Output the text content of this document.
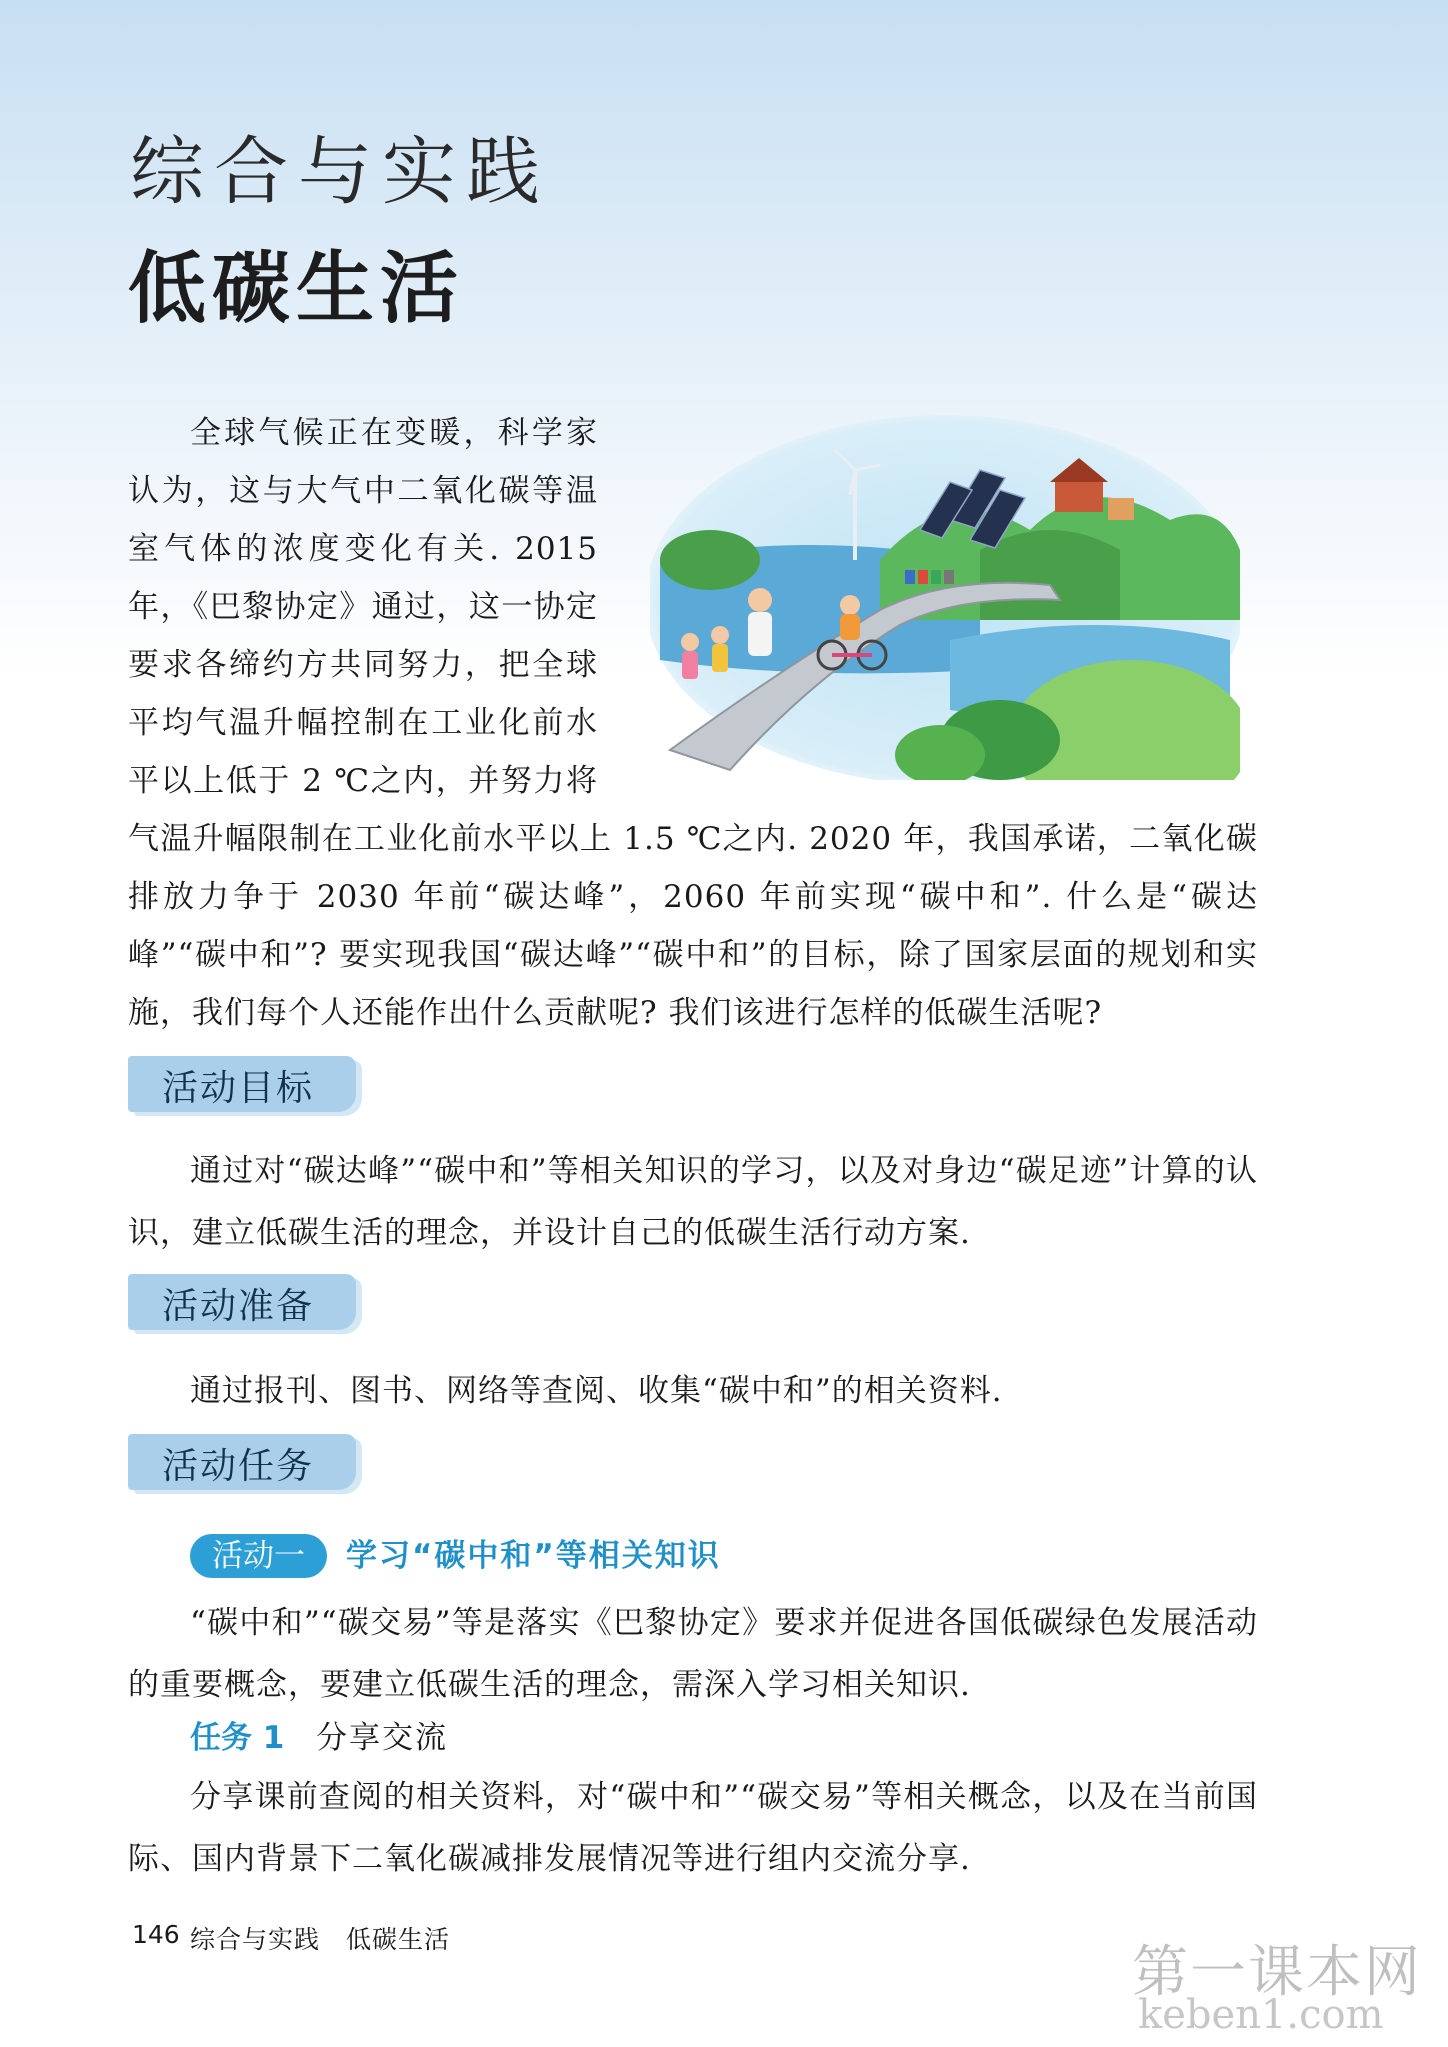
综合与实践
低碳生活

全球气候正在变暖，科学家认为，这与大气中二氧化碳等温室气体的浓度变化有关. 2015 年，《巴黎协定》通过，这一协定要求各缔约方共同努力，把全球平均气温升幅控制在工业化前水平以上低于 2 ℃之内，并努力将气温升幅限制在工业化前水平以上 1.5 ℃之内. 2020 年，我国承诺，二氧化碳排放力争于 2030 年前“碳达峰”，2060 年前实现“碳中和”. 什么是“碳达峰”“碳中和”? 要实现我国“碳达峰”“碳中和”的目标，除了国家层面的规划和实施，我们每个人还能作出什么贡献呢? 我们该进行怎样的低碳生活呢?

活动目标

通过对“碳达峰”“碳中和”等相关知识的学习，以及对身边“碳足迹”计算的认识，建立低碳生活的理念，并设计自己的低碳生活行动方案.

活动准备

通过报刊、图书、网络等查阅、收集“碳中和”的相关资料.

活动任务
活动一	学习“碳中和”等相关知识

“碳中和”“碳交易”等是落实《巴黎协定》要求并促进各国低碳绿色发展活动的重要概念，要建立低碳生活的理念，需深入学习相关知识.

任务 1 分享交流

分享课前查阅的相关资料，对“碳中和”“碳交易”等相关概念，以及在当前国际、国内背景下二氧化碳减排发展情况等进行组内交流分享.

146 综合与实践　低碳生活
第一课本网
keben1.com
